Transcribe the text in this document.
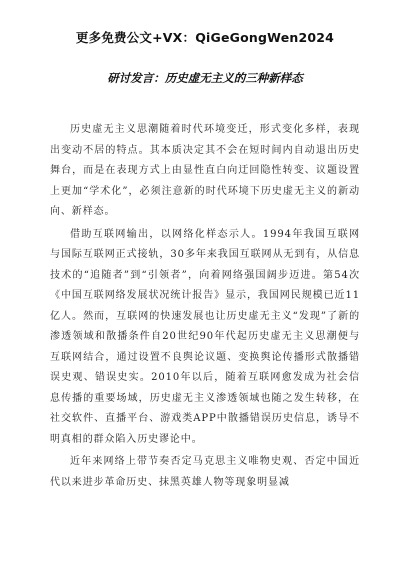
更多免费公文+VX：QiGeGongWen2024
研讨发言：历史虚无主义的三种新样态

历史虚无主义思潮随着时代环境变迁，形式变化多样，表现出变动不居的特点。其本质决定其不会在短时间内自动退出历史舞台，而是在表现方式上由显性直白向迂回隐性转变、议题设置上更加“学术化”，必须注意新的时代环境下历史虚无主义的新动向、新样态。

借助互联网输出，以网络化样态示人。1994年我国互联网与国际互联网正式接轨，30多年来我国互联网从无到有，从信息技术的“追随者”到“引领者”，向着网络强国阔步迈进。第54次《中国互联网络发展状况统计报告》显示，我国网民规模已近11亿人。然而，互联网的快速发展也让历史虚无主义“发现”了新的渗透领域和散播条件自20世纪90年代起历史虚无主义思潮便与互联网结合，通过设置不良舆论议题、变换舆论传播形式散播错误史观、错误史实。2010年以后，随着互联网愈发成为社会信息传播的重要场域，历史虚无主义渗透领域也随之发生转移，在社交软件、直播平台、游戏类APP中散播错误历史信息，诱导不明真相的群众陷入历史谬论中。

近年来网络上带节奏否定马克思主义唯物史观、否定中国近代以来进步革命历史、抹黑英雄人物等现象明显减
